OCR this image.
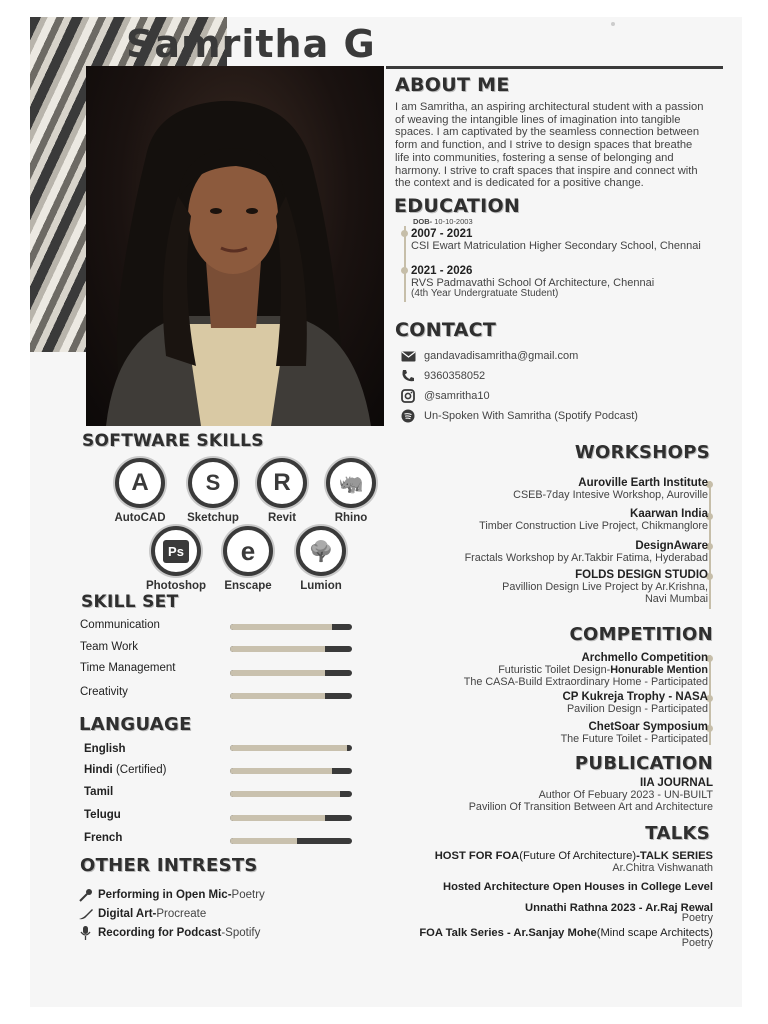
Samritha G
ABOUT ME
I am Samritha, an aspiring architectural student with a passion
of weaving the intangible lines of imagination into tangible
spaces. I am captivated by the seamless connection between
form and function, and I strive to design spaces that breathe
life into communities, fostering a sense of belonging and
harmony. I strive to craft spaces that inspire and connect with
the context and is dedicated for a positive change.
EDUCATION
DOB- 10-10-2003
2007 - 2021
CSI Ewart Matriculation Higher Secondary School, Chennai
2021 - 2026
RVS Padmavathi School Of Architecture, Chennai
(4th Year Undergratuate Student)
CONTACT
gandavadisamritha@gmail.com
9360358052
@samritha10
Un-Spoken With Samritha (Spotify Podcast)
SOFTWARE SKILLS
A
AutoCAD
S
Sketchup
R
Revit
🦏
Rhino
Ps
Photoshop
e
Enscape
🌳
Lumion
SKILL SET
Communication
Team Work
Time Management
Creativity
LANGUAGE
English
Hindi (Certified)
Tamil
Telugu
French
OTHER INTRESTS
Performing in Open Mic- Poetry
Digital Art- Procreate
Recording for Podcast -Spotify
WORKSHOPS
Auroville Earth Institute
CSEB-7day Intesive Workshop, Auroville
Kaarwan India
Timber Construction Live Project, Chikmanglore
DesignAware
Fractals Workshop by Ar.Takbir Fatima, Hyderabad
FOLDS DESIGN STUDIO
Pavillion Design Live Project by Ar.Krishna,
Navi Mumbai
COMPETITION
Archmello Competition
Futuristic Toilet Design-Honurable Mention
The CASA-Build Extraordinary Home - Participated
CP Kukreja Trophy - NASA
Pavilion Design - Participated
ChetSoar Symposium
The Future Toilet - Participated
PUBLICATION
IIA JOURNAL
Author Of Febuary 2023 - UN-BUILT
Pavilion Of Transition Between Art and Architecture
TALKS
HOST FOR FOA(Future Of Architecture)-TALK SERIES
Ar.Chitra Vishwanath
Hosted Architecture Open Houses in College Level
Unnathi Rathna 2023 - Ar.Raj Rewal
Poetry
FOA Talk Series - Ar.Sanjay Mohe(Mind scape Architects)
Poetry
